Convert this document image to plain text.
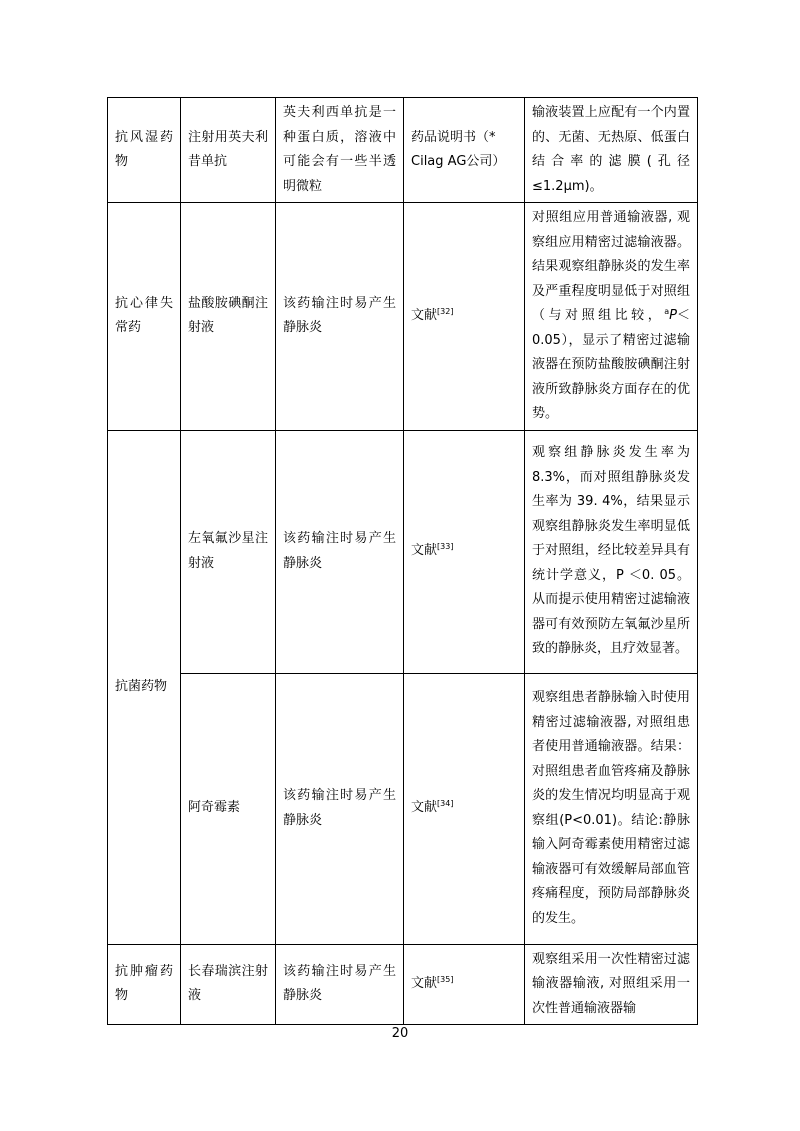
抗风湿药物	注射用英夫利昔单抗	英夫利西单抗是一种蛋白质，溶液中可能会有一些半透明微粒	药品说明书（* Cilag AG公司）	输液装置上应配有一个内置的、无菌、无热原、低蛋白结合率的滤膜(孔径≤1.2μm)。
抗心律失常药	盐酸胺碘酮注射液	该药输注时易产生静脉炎	文献[32]	对照组应用普通输液器, 观察组应用精密过滤输液器。结果观察组静脉炎的发生率及严重程度明显低于对照组（与对照组比较，$^a$P＜0.05），显示了精密过滤输液器在预防盐酸胺碘酮注射液所致静脉炎方面存在的优势。
抗菌药物	左氧氟沙星注射液	该药输注时易产生静脉炎	文献[33]	观察组静脉炎发生率为8.3%，而对照组静脉炎发生率为 39. 4%，结果显示观察组静脉炎发生率明显低于对照组，经比较差异具有统计学意义，P ＜0. 05。从而提示使用精密过滤输液器可有效预防左氧氟沙星所致的静脉炎，且疗效显著。
	阿奇霉素	该药输注时易产生静脉炎	文献[34]	观察组患者静脉输入时使用精密过滤输液器, 对照组患者使用普通输液器。结果：对照组患者血管疼痛及静脉炎的发生情况均明显高于观察组(P<0.01)。结论:静脉输入阿奇霉素使用精密过滤输液器可有效缓解局部血管疼痛程度，预防局部静脉炎的发生。
抗肿瘤药物	长春瑞滨注射液	该药输注时易产生静脉炎	文献[35]	观察组采用一次性精密过滤输液器输液, 对照组采用一次性普通输液器输
20
